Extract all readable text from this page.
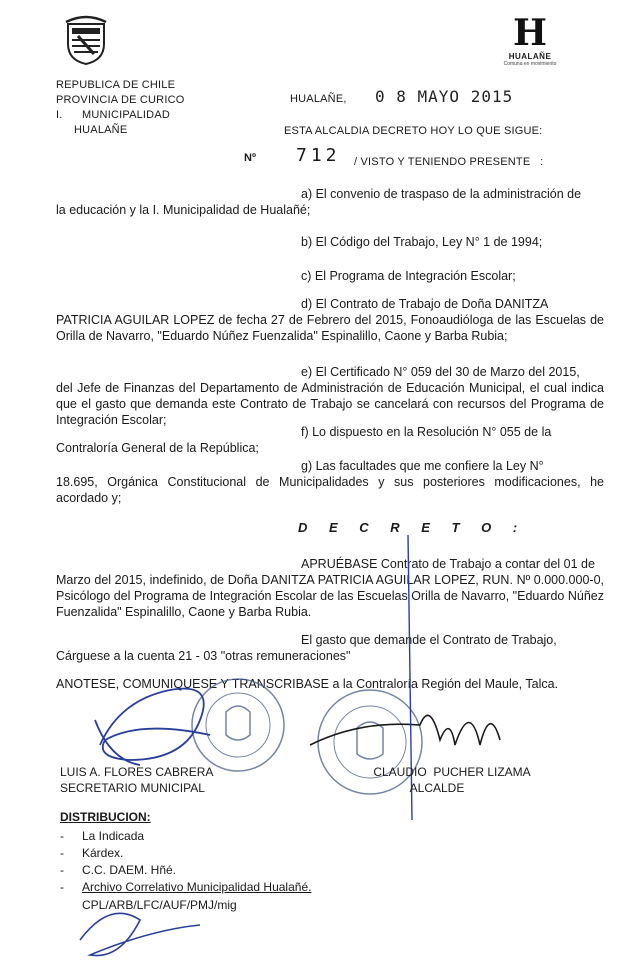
H
HUALAÑE
Comuna en movimiento
REPUBLICA DE CHILE
PROVINCIA DE CURICO
I.      MUNICIPALIDAD
HUALAÑE
HUALAÑE, 0 8 MAYO 2015
ESTA ALCALDIA DECRETO HOY LO QUE SIGUE:
Nº 712 / VISTO Y TENIENDO PRESENTE   :
a) El convenio de traspaso de la administración de
la educación y la I. Municipalidad de Hualañé;
b) El Código del Trabajo, Ley N° 1 de 1994;
c) El Programa de Integración Escolar;
d) El Contrato de Trabajo de Doña DANITZA
PATRICIA AGUILAR LOPEZ de fecha 27 de Febrero del 2015, Fonoaudióloga de las Escuelas de Orilla de Navarro, "Eduardo Núñez Fuenzalida" Espinalillo, Caone y Barba Rubia;
e) El Certificado N° 059 del 30 de Marzo del 2015,
del Jefe de Finanzas del Departamento de Administración de Educación Municipal, el cual indica que el gasto que demanda este Contrato de Trabajo se cancelará con recursos del Programa de Integración Escolar;
f) Lo dispuesto en la Resolución N° 055 de la
Contraloría General de la República;
g) Las facultades que me confiere la Ley N°
18.695, Orgánica Constitucional de Municipalidades y sus posteriores modificaciones, he acordado y;
D E C R E T O :
APRUÉBASE Contrato de Trabajo a contar del 01 de
Marzo del 2015, indefinido, de Doña DANITZA PATRICIA AGUILAR LOPEZ, RUN. Nº 0.000.000-0, Psicólogo del Programa de Integración Escolar de las Escuelas Orilla de Navarro, "Eduardo Núñez Fuenzalida" Espinalillo, Caone y Barba Rubia.
El gasto que demande el Contrato de Trabajo,
Cárguese a la cuenta 21 - 03 "otras remuneraciones"
ANOTESE, COMUNIQUESE Y TRANSCRIBASE a la Contraloría Región del Maule, Talca.
LUIS A. FLORES CABRERA
SECRETARIO MUNICIPAL
CLAUDIO  PUCHER LIZAMA
ALCALDE
DISTRIBUCION:
- La Indicada
- Kárdex.
- C.C. DAEM. Hñé.
- Archivo Correlativo Municipalidad Hualañé.
CPL/ARB/LFC/AUF/PMJ/mig
